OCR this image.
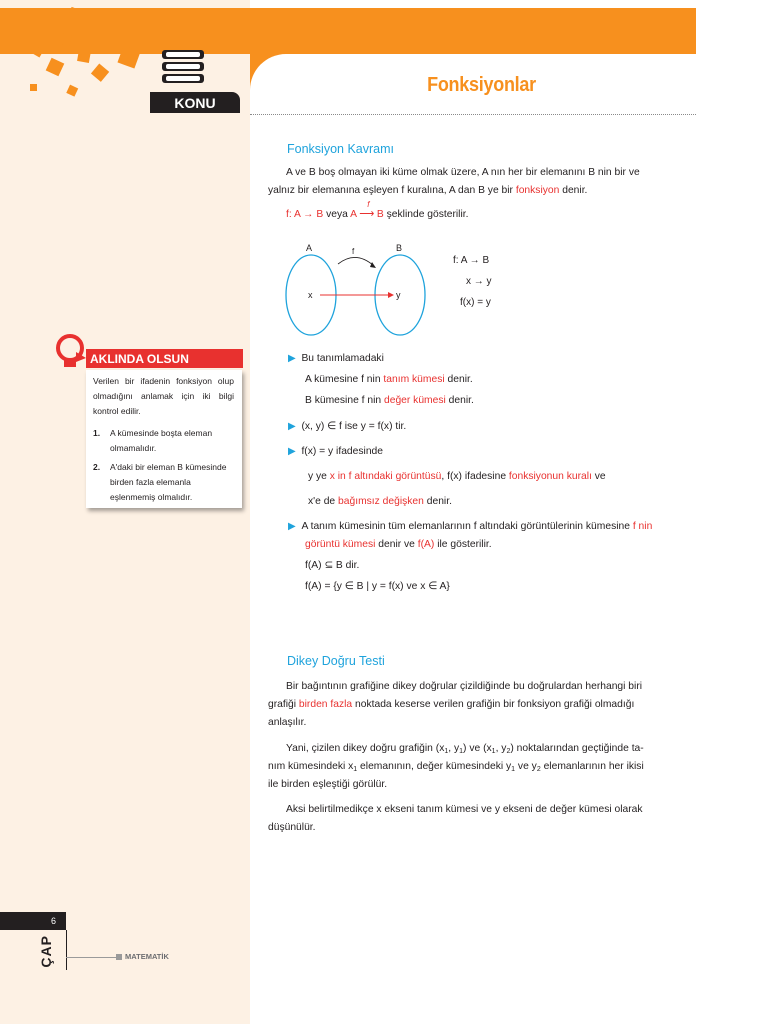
KONU
Fonksiyonlar
Fonksiyon Kavramı
A ve B boş olmayan iki küme olmak üzere, A nın her bir elemanını B nin bir ve
yalnız bir elemanına eşleyen f kuralına, A dan B ye bir fonksiyon denir.
f: A → B veya A
f
⟶ B şeklinde gösterilir.
A	B
f
x	y
f: A → B
x → y
f(x) = y
AKLINDA OLSUN
Verilen bir ifadenin fonksiyon olup olmadığını anlamak için iki bilgi kontrol edilir.
1. A kümesinde boşta eleman olmamalıdır.
2. A'daki bir eleman B kümesinde birden fazla elemanla eşlenmemiş olmalıdır.
▶ Bu tanımlamadaki
A kümesine f nin tanım kümesi denir.
B kümesine f nin değer kümesi denir.
▶ (x, y) ∈ f ise y = f(x) tir.
▶ f(x) = y ifadesinde
y ye x in f altındaki görüntüsü, f(x) ifadesine fonksiyonun kuralı ve
x'e de bağımsız değişken denir.
▶ A tanım kümesinin tüm elemanlarının f altındaki görüntülerinin kümesine f nin
görüntü kümesi denir ve f(A) ile gösterilir.
f(A) ⊆ B dir.
f(A) = {y ∈ B | y = f(x) ve x ∈ A}
Dikey Doğru Testi
Bir bağıntının grafiğine dikey doğrular çizildiğinde bu doğrulardan herhangi biri
grafiği birden fazla noktada keserse verilen grafiğin bir fonksiyon grafiği olmadığı
anlaşılır.
Yani, çizilen dikey doğru grafiğin ($x_1$, $y_1$) ve ($x_1$, $y_2$) noktalarından geçtiğinde ta-
nım kümesindeki $x_1$ elemanının, değer kümesindeki $y_1$ ve $y_2$ elemanlarının her ikisi
ile birden eşleştiği görülür.
Aksi belirtilmedikçe x ekseni tanım kümesi ve y ekseni de değer kümesi olarak
düşünülür.
6
ÇAP	MATEMATİK
